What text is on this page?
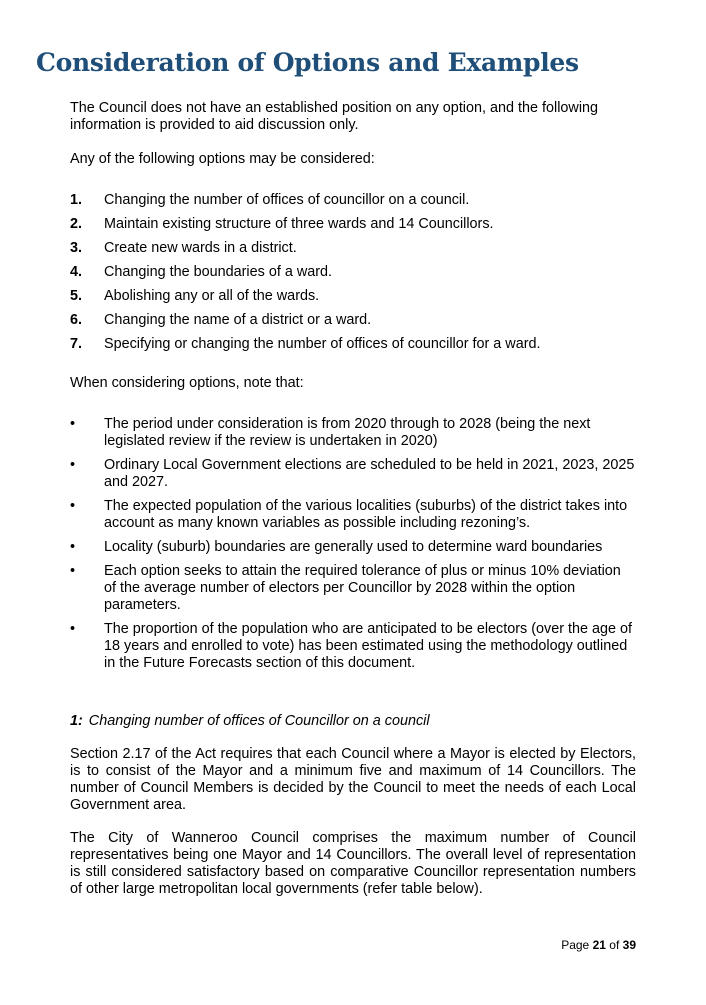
Consideration of Options and Examples
The Council does not have an established position on any option, and the following information is provided to aid discussion only.
Any of the following options may be considered:
1. Changing the number of offices of councillor on a council.
2. Maintain existing structure of three wards and 14 Councillors.
3. Create new wards in a district.
4. Changing the boundaries of a ward.
5. Abolishing any or all of the wards.
6. Changing the name of a district or a ward.
7. Specifying or changing the number of offices of councillor for a ward.
When considering options, note that:
• The period under consideration is from 2020 through to 2028 (being the next legislated review if the review is undertaken in 2020)
• Ordinary Local Government elections are scheduled to be held in 2021, 2023, 2025 and 2027.
• The expected population of the various localities (suburbs) of the district takes into account as many known variables as possible including rezoning’s.
• Locality (suburb) boundaries are generally used to determine ward boundaries
• Each option seeks to attain the required tolerance of plus or minus 10% deviation of the average number of electors per Councillor by 2028 within the option parameters.
• The proportion of the population who are anticipated to be electors (over the age of 18 years and enrolled to vote) has been estimated using the methodology outlined in the Future Forecasts section of this document.
1: Changing number of offices of Councillor on a council
Section 2.17 of the Act requires that each Council where a Mayor is elected by Electors, is to consist of the Mayor and a minimum five and maximum of 14 Councillors. The number of Council Members is decided by the Council to meet the needs of each Local Government area.
The City of Wanneroo Council comprises the maximum number of Council representatives being one Mayor and 14 Councillors. The overall level of representation is still considered satisfactory based on comparative Councillor representation numbers of other large metropolitan local governments (refer table below).
Page 21 of 39
